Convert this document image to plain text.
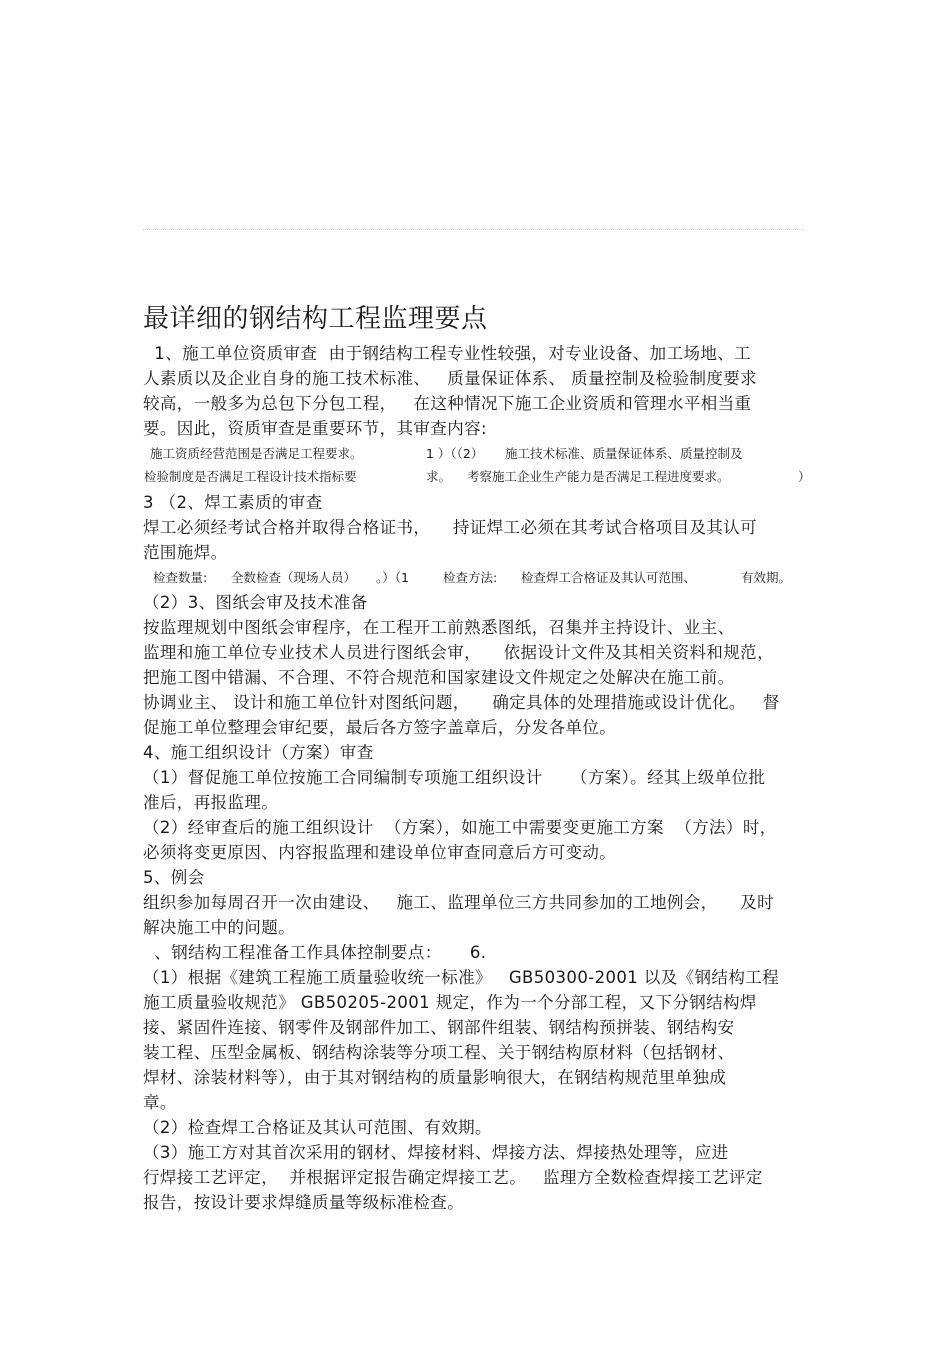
最详细的钢结构工程监理要点
1、施工单位资质审查  由于钢结构工程专业性较强，对专业设备、加工场地、工
人素质以及企业自身的施工技术标准、   质量保证体系、 质量控制及检验制度要求
较高，一般多为总包下分包工程，   在这种情况下施工企业资质和管理水平相当重
要。因此，资质审查是重要环节，其审查内容:
施工资质经营范围是否满足工程要求。	1 ）（（2） 施工技术标准、质量保证体系、质量控制及
检验制度是否满足工程设计技术指标要	求。 考察施工企业生产能力是否满足工程进度要求。	）
3 （2、焊工素质的审查
焊工必须经考试合格并取得合格证书，    持证焊工必须在其考试合格项目及其认可
范围施焊。
检查数量: 全数检查（现场人员） 。）（1	检查方法: 检查焊工合格证及其认可范围、	有效期。
（2）3、图纸会审及技术准备
按监理规划中图纸会审程序，在工程开工前熟悉图纸，召集并主持设计、业主、
监理和施工单位专业技术人员进行图纸会审，    依据设计文件及其相关资料和规范，
把施工图中错漏、不合理、不符合规范和国家建设文件规定之处解决在施工前。
协调业主、 设计和施工单位针对图纸问题，    确定具体的处理措施或设计优化。   督
促施工单位整理会审纪要，最后各方签字盖章后，分发各单位。
4、施工组织设计（方案）审查
（1）督促施工单位按施工合同编制专项施工组织设计     （方案）。经其上级单位批
准后，再报监理。
（2）经审查后的施工组织设计  （方案），如施工中需要变更施工方案  （方法）时，
必须将变更原因、内容报监理和建设单位审查同意后方可变动。
5、例会
组织参加每周召开一次由建设、   施工、监理单位三方共同参加的工地例会，    及时
解决施工中的问题。
、钢结构工程准备工作具体控制要点：     6.
（1）根据《建筑工程施工质量验收统一标准》   GB50300-2001 以及《钢结构工程
施工质量验收规范》 GB50205-2001 规定，作为一个分部工程，又下分钢结构焊
接、紧固件连接、钢零件及钢部件加工、钢部件组装、钢结构预拼装、钢结构安
装工程、压型金属板、钢结构涂装等分项工程、关于钢结构原材料（包括钢材、
焊材、涂装材料等），由于其对钢结构的质量影响很大，在钢结构规范里单独成
章。
（2）检查焊工合格证及其认可范围、有效期。
（3）施工方对其首次采用的钢材、焊接材料、焊接方法、焊接热处理等，应进
行焊接工艺评定，  并根据评定报告确定焊接工艺。   监理方全数检查焊接工艺评定
报告，按设计要求焊缝质量等级标准检查。
